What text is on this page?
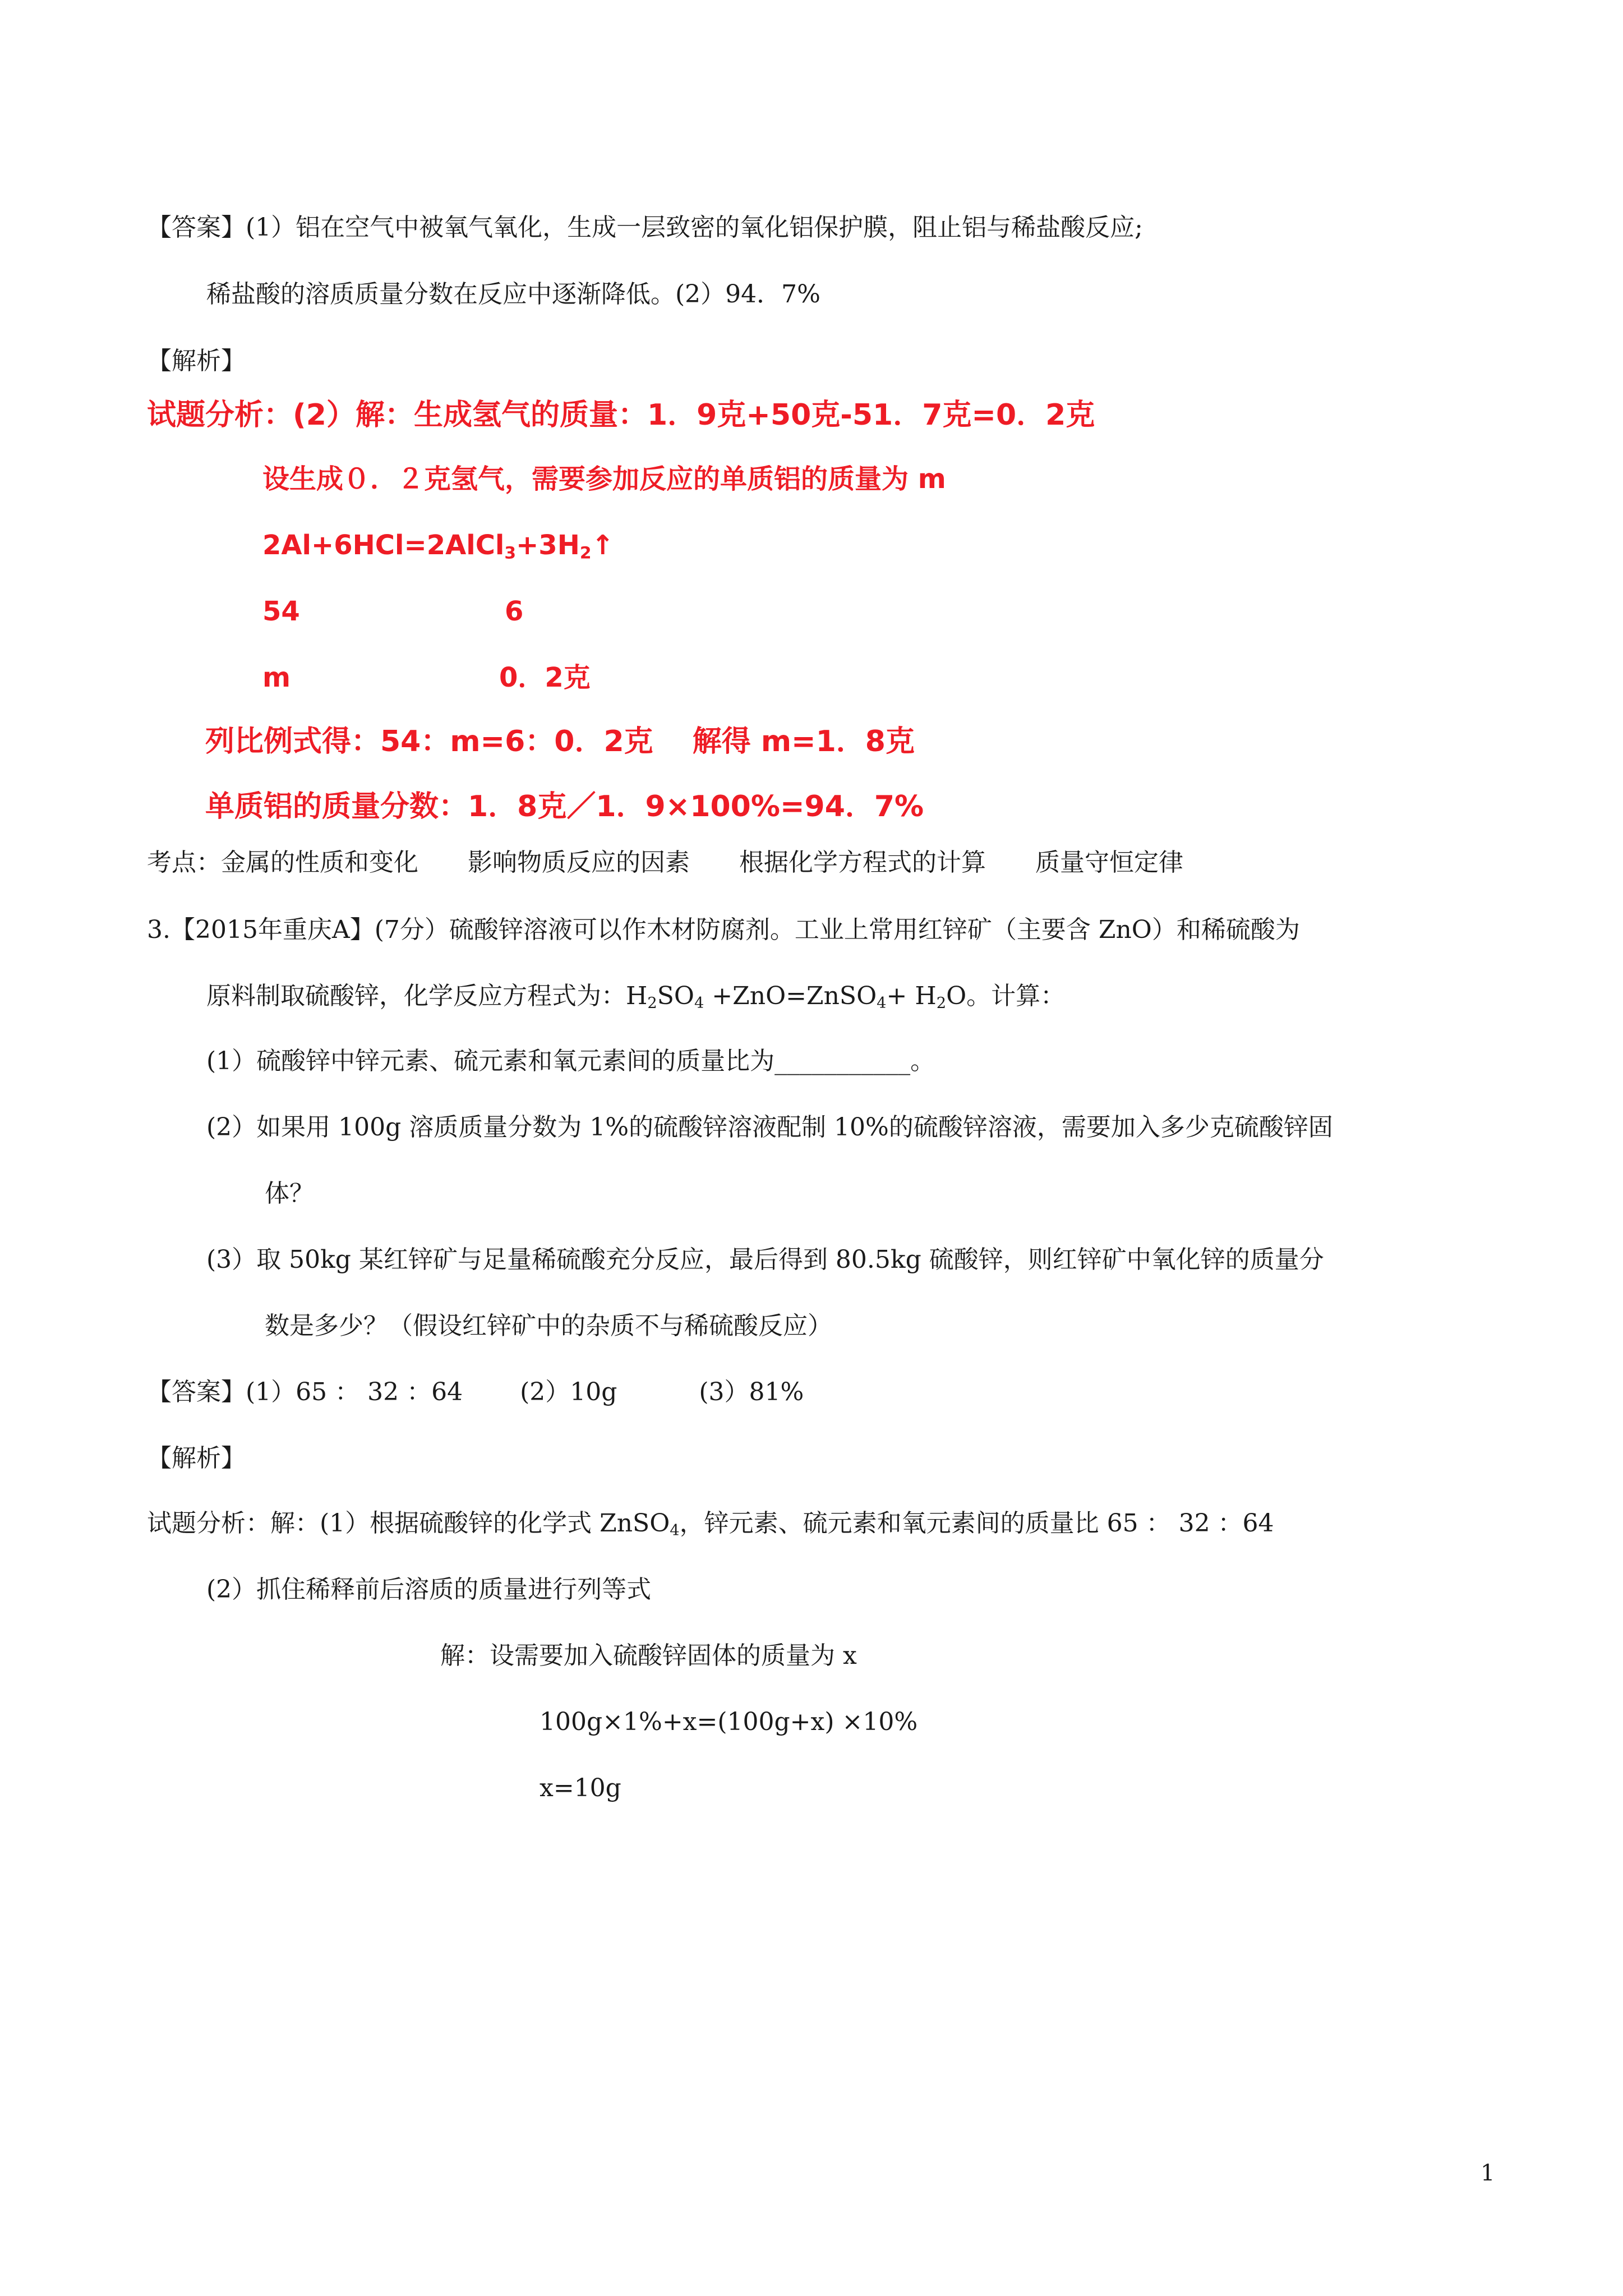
【答案】(1）铝在空气中被氧气氧化，生成一层致密的氧化铝保护膜，阻止铝与稀盐酸反应;
稀盐酸的溶质质量分数在反应中逐渐降低。(2）94．7%
【解析】
试题分析：(2）解：生成氢气的质量：1．9克+50克-51．7克=0．2克
设生成０．２克氢气，需要参加反应的单质铝的质量为 m
$2Al+6HCl=2AlCl_3+3H_2↑$
54	6
m	0．2克
列比例式得：54：m=6：0．2克　 解得 m=1．8克
单质铝的质量分数：1．8克／1．9×100%=94．7%
考点：金属的性质和变化　　影响物质反应的因素　　根据化学方程式的计算　　质量守恒定律
3.【2015年重庆A】(7分）硫酸锌溶液可以作木材防腐剂。工业上常用红锌矿（主要含 ZnO）和稀硫酸为
原料制取硫酸锌，化学反应方程式为：$H_2SO_4$ +ZnO=ZnSO$_4$+ $H_2O$。计算：
(1）硫酸锌中锌元素、硫元素和氧元素间的质量比为___________。
(2）如果用 100g 溶质质量分数为 1%的硫酸锌溶液配制 10%的硫酸锌溶液，需要加入多少克硫酸锌固
体？
(3）取 50kg 某红锌矿与足量稀硫酸充分反应，最后得到 80.5kg 硫酸锌，则红锌矿中氧化锌的质量分
数是多少？（假设红锌矿中的杂质不与稀硫酸反应）
【答案】(1）65 ： 32 ：64　　 (2）10g　　　 (3）81%
【解析】
试题分析：解：(1）根据硫酸锌的化学式 ZnSO$_4$，锌元素、硫元素和氧元素间的质量比 65 ： 32 ：64
(2）抓住稀释前后溶质的质量进行列等式
解：设需要加入硫酸锌固体的质量为 x
100g×1%+x=(100g+x) ×10%
x=10g
1
